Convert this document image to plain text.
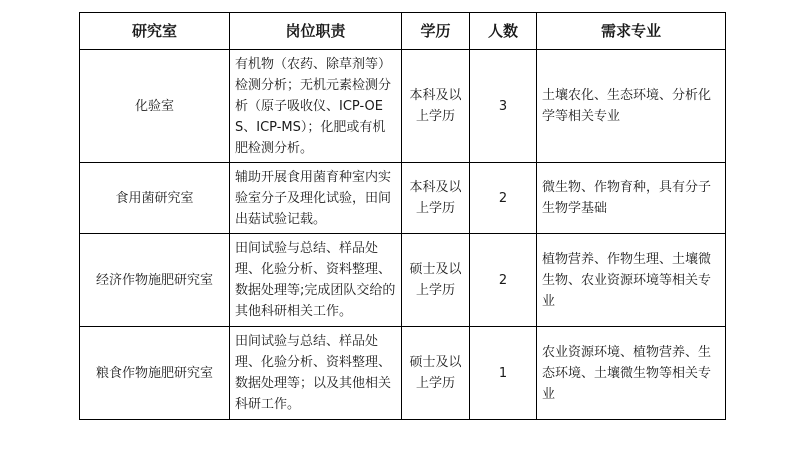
研究室	岗位职责	学历	人数	需求专业
化验室	有机物（农药、除草剂等）检测分析；无机元素检测分析（原子吸收仪、ICP-OES、ICP-MS）；化肥或有机肥检测分析。	本科及以上学历	3	土壤农化、生态环境、分析化学等相关专业
食用菌研究室	辅助开展食用菌育种室内实验室分子及理化试验，田间出菇试验记载。	本科及以上学历	2	微生物、作物育种，具有分子生物学基础
经济作物施肥研究室	田间试验与总结、样品处理、化验分析、资料整理、数据处理等;完成团队交给的其他科研相关工作。	硕士及以上学历	2	植物营养、作物生理、土壤微生物、农业资源环境等相关专业
粮食作物施肥研究室	田间试验与总结、样品处理、化验分析、资料整理、数据处理等；以及其他相关科研工作。	硕士及以上学历	1	农业资源环境、植物营养、生态环境、土壤微生物等相关专业
